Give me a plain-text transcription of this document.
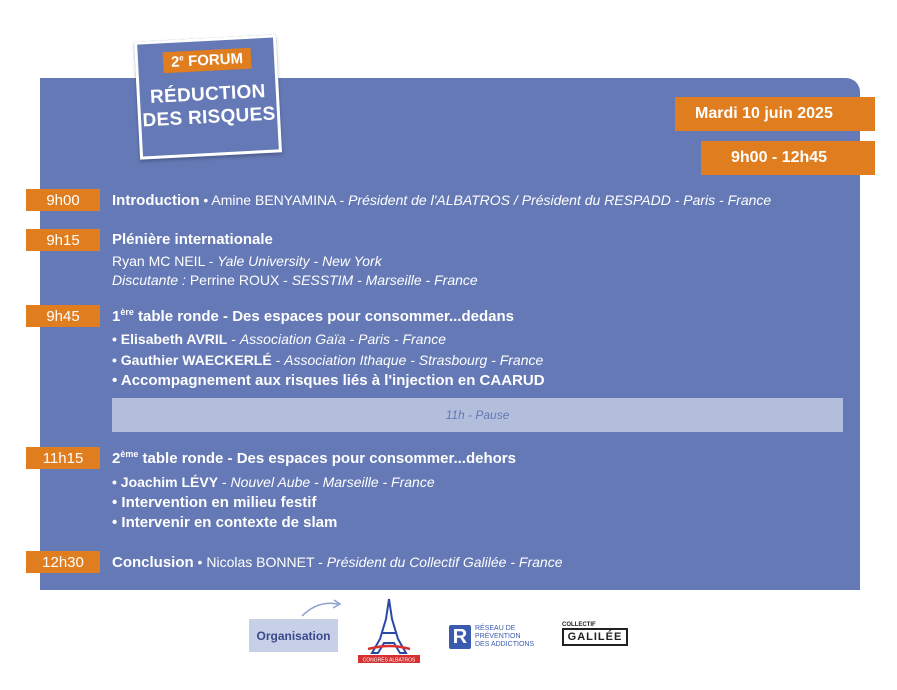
2e FORUM
RÉDUCTION
DES RISQUES	Mardi 10 juin 2025
9h00 - 12h45
9h00	Introduction • Amine BENYAMINA - Président de l'ALBATROS / Président du RESPADD - Paris - France
9h15	Plénière internationale
Ryan MC NEIL - Yale University - New York
Discutante : Perrine ROUX - SESSTIM - Marseille - France
9h45	1ère table ronde - Des espaces pour consommer...dedans
• Elisabeth AVRIL - Association Gaïa - Paris - France
• Gauthier WAECKERLÉ - Association Ithaque - Strasbourg - France
• Accompagnement aux risques liés à l'injection en CAARUD
11h - Pause
11h15	2ème table ronde - Des espaces pour consommer...dehors
• Joachim LÉVY - Nouvel Aube - Marseille - France
• Intervention en milieu festif
• Intervenir en contexte de slam
12h30	Conclusion • Nicolas BONNET - Président du Collectif Galilée - France
Organisation
CONGRÈS ALBATROS
R	RÉSEAU DE
PRÉVENTION
DES ADDICTIONS
COLLECTIF
GALILÉE
